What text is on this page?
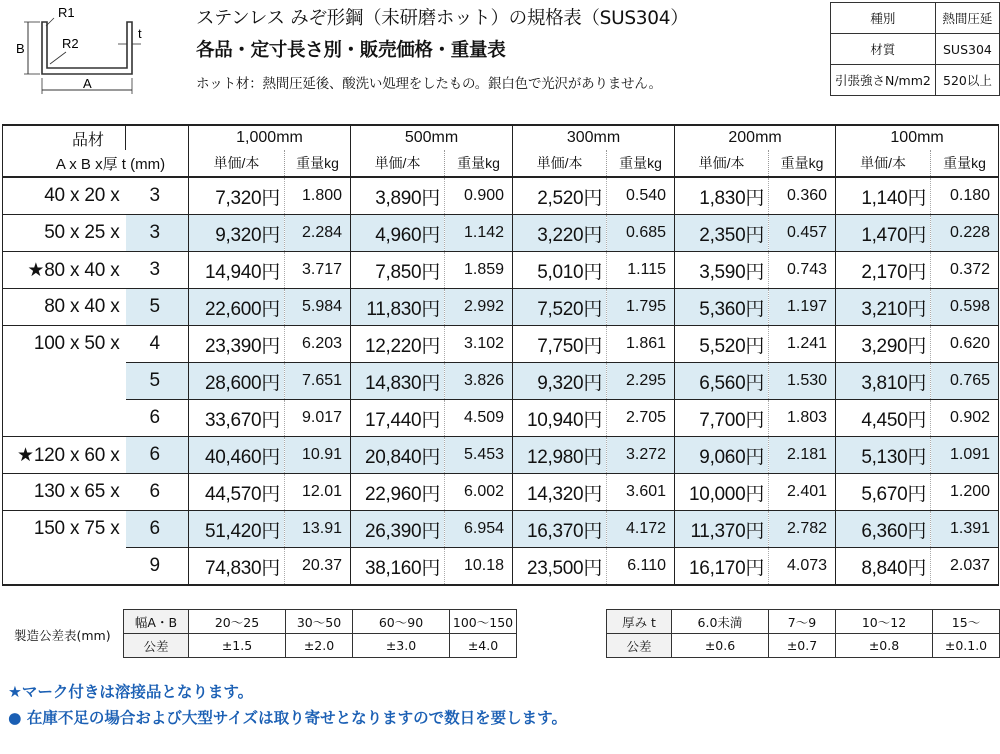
R1
R2
B
t
A
ステンレス みぞ形鋼（未研磨ホット）の規格表（SUS304）
各品・定寸長さ別・販売価格・重量表
ホット材：熱間圧延後、酸洗い処理をしたもの。銀白色で光沢がありません。
種別	熱間圧延
材質	SUS304
引張強さN/mm2	520以上
品材		1,000mm		500mm		300mm		200mm		100mm	
A x B x厚 t (mm)		単価/本	重量kg	単価/本	重量kg	単価/本	重量kg	単価/本	重量kg	単価/本	重量kg
40 x 20 x	3	7,320円	1.800	3,890円	0.900	2,520円	0.540	1,830円	0.360	1,140円	0.180
50 x 25 x	3	9,320円	2.284	4,960円	1.142	3,220円	0.685	2,350円	0.457	1,470円	0.228
★80 x 40 x	3	14,940円	3.717	7,850円	1.859	5,010円	1.115	3,590円	0.743	2,170円	0.372
80 x 40 x	5	22,600円	5.984	11,830円	2.992	7,520円	1.795	5,360円	1.197	3,210円	0.598
100 x 50 x	4	23,390円	6.203	12,220円	3.102	7,750円	1.861	5,520円	1.241	3,290円	0.620
	5	28,600円	7.651	14,830円	3.826	9,320円	2.295	6,560円	1.530	3,810円	0.765
	6	33,670円	9.017	17,440円	4.509	10,940円	2.705	7,700円	1.803	4,450円	0.902
★120 x 60 x	6	40,460円	10.91	20,840円	5.453	12,980円	3.272	9,060円	2.181	5,130円	1.091
130 x 65 x	6	44,570円	12.01	22,960円	6.002	14,320円	3.601	10,000円	2.401	5,670円	1.200
150 x 75 x	6	51,420円	13.91	26,390円	6.954	16,370円	4.172	11,370円	2.782	6,360円	1.391
	9	74,830円	20.37	38,160円	10.18	23,500円	6.110	16,170円	4.073	8,840円	2.037
製造公差表(mm)
幅A・B	20〜25	30〜50	60〜90	100〜150
公差	±1.5	±2.0	±3.0	±4.0
厚み t	6.0未満	7〜9	10〜12	15〜
公差	±0.6	±0.7	±0.8	±0.1.0
★マーク付きは溶接品となります。
● 在庫不足の場合および大型サイズは取り寄せとなりますので数日を要します。
